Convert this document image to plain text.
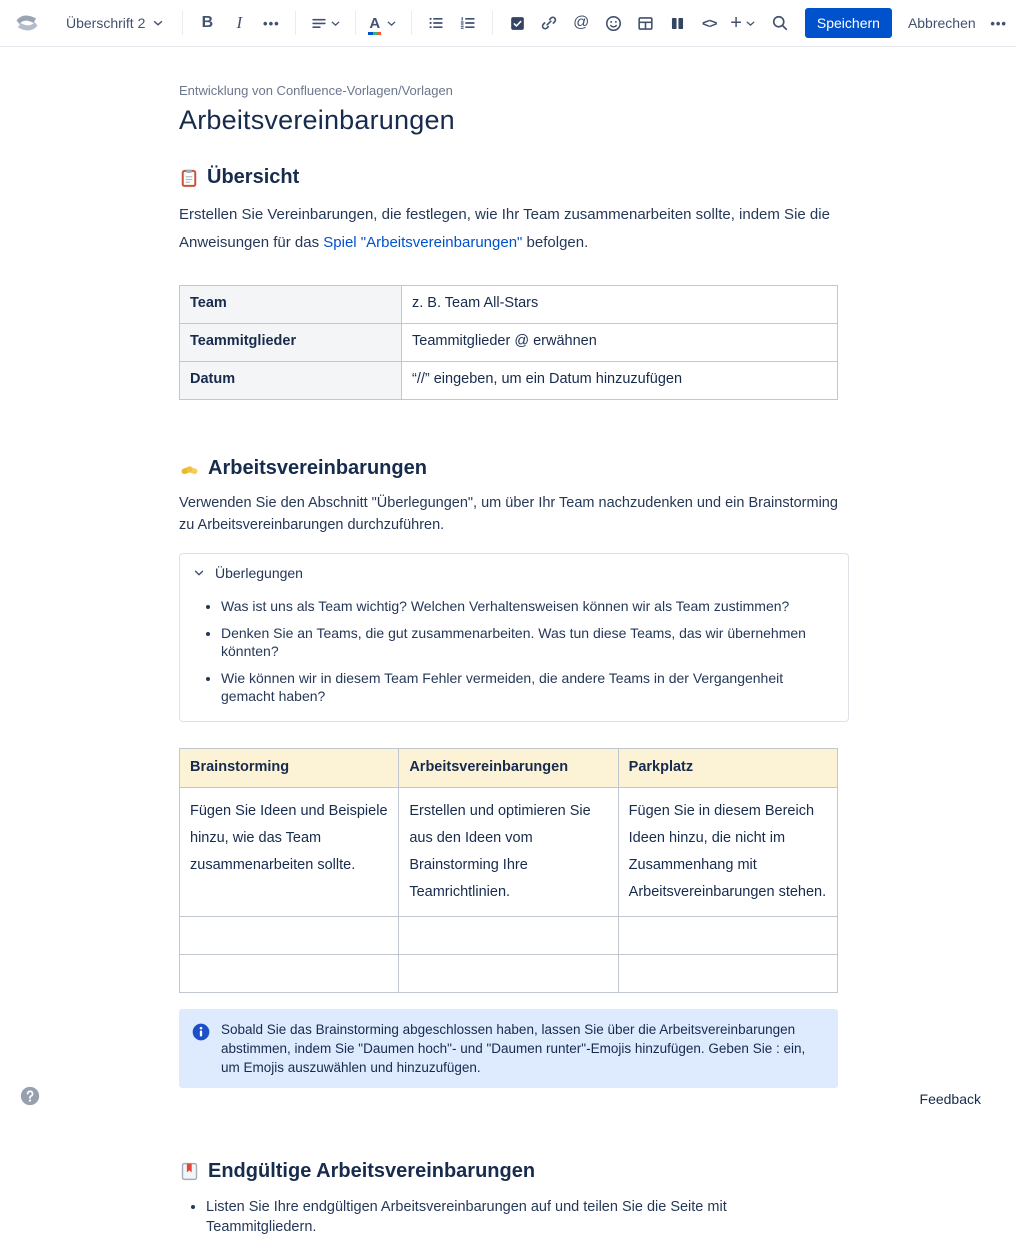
Überschrift 2	B	I	•••	A	@	<> +	Speichern	Abbrechen	•••
Entwicklung von Confluence-Vorlagen/Vorlagen
Arbeitsvereinbarungen
Übersicht

Erstellen Sie Vereinbarungen, die festlegen, wie Ihr Team zusammenarbeiten sollte, indem Sie die Anweisungen für das Spiel "Arbeitsvereinbarungen" befolgen.

Team	z. B. Team All-Stars
Teammitglieder	Teammitglieder @ erwähnen
Datum	“//” eingeben, um ein Datum hinzuzufügen
Arbeitsvereinbarungen

Verwenden Sie den Abschnitt "Überlegungen", um über Ihr Team nachzudenken und ein Brainstorming zu Arbeitsvereinbarungen durchzuführen.

Überlegungen
• Was ist uns als Team wichtig? Welchen Verhaltensweisen können wir als Team zustimmen?
• Denken Sie an Teams, die gut zusammenarbeiten. Was tun diese Teams, das wir übernehmen könnten?
• Wie können wir in diesem Team Fehler vermeiden, die andere Teams in der Vergangenheit gemacht haben?
Brainstorming	Arbeitsvereinbarungen	Parkplatz
Fügen Sie Ideen und Beispiele hinzu, wie das Team zusammenarbeiten sollte.	Erstellen und optimieren Sie aus den Ideen vom Brainstorming Ihre Teamrichtlinien.	Fügen Sie in diesem Bereich Ideen hinzu, die nicht im Zusammenhang mit Arbeitsvereinbarungen stehen.

Sobald Sie das Brainstorming abgeschlossen haben, lassen Sie über die Arbeitsvereinbarungen abstimmen, indem Sie "Daumen hoch"- und "Daumen runter"-Emojis hinzufügen. Geben Sie : ein, um Emojis auszuwählen und hinzuzufügen.
Endgültige Arbeitsvereinbarungen
• Listen Sie Ihre endgültigen Arbeitsvereinbarungen auf und teilen Sie die Seite mit Teammitgliedern.
Feedback
